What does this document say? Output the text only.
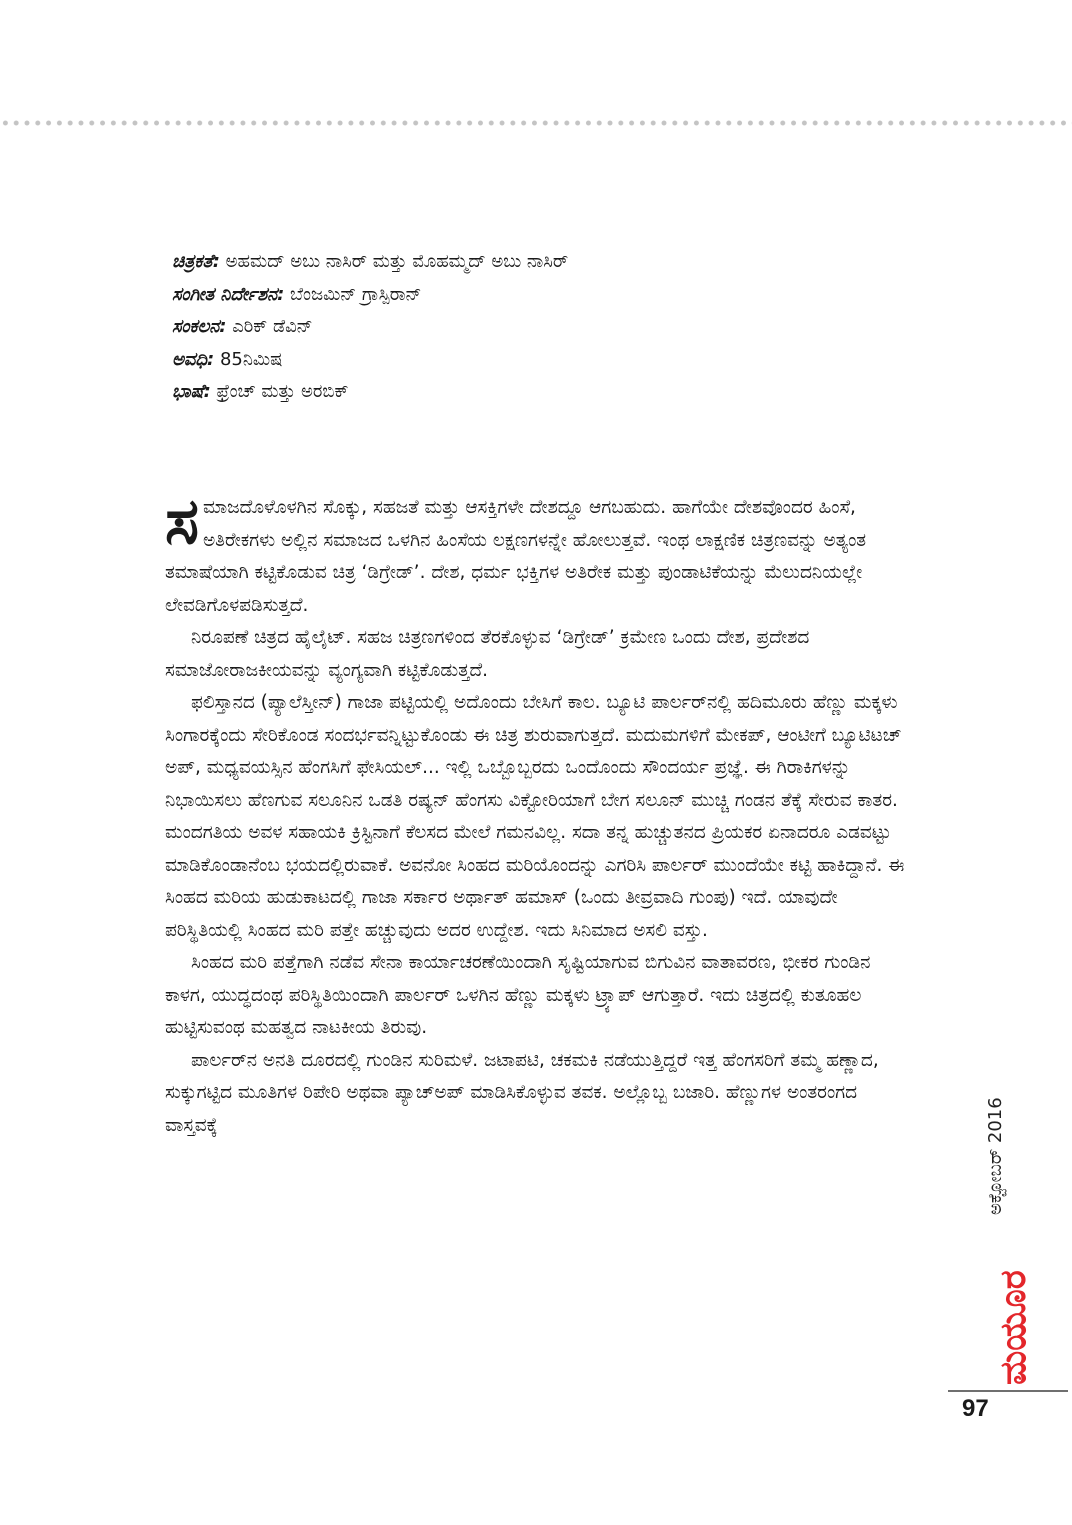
ಚಿತ್ರಕತೆ: ಅಹಮದ್ ಅಬು ನಾಸಿರ್ ಮತ್ತು ಮೊಹಮ್ಮದ್ ಅಬು ನಾಸಿರ್
ಸಂಗೀತ ನಿರ್ದೇಶನ: ಬೆಂಜಮಿನ್ ಗ್ರಾಸ್ಪಿರಾನ್
ಸಂಕಲನ: ಎರಿಕ್ ಡೆವಿನ್
ಅವಧಿ: 85ನಿಮಿಷ
ಭಾಷೆ: ಫ್ರೆಂಚ್ ಮತ್ತು ಅರಬಿಕ್

ಸಮಾಜದೊಳೊಳಗಿನ ಸೊಕ್ಕು, ಸಹಜತೆ ಮತ್ತು ಆಸಕ್ತಿಗಳೇ ದೇಶದ್ದೂ ಆಗಬಹುದು. ಹಾಗೆಯೇ ದೇಶವೊಂದರ ಹಿಂಸೆ, ಅತಿರೇಕಗಳು ಅಲ್ಲಿನ ಸಮಾಜದ ಒಳಗಿನ ಹಿಂಸೆಯ ಲಕ್ಷಣಗಳನ್ನೇ ಹೋಲುತ್ತವೆ. ಇಂಥ ಲಾಕ್ಷಣಿಕ ಚಿತ್ರಣವನ್ನು ಅತ್ಯಂತ ತಮಾಷೆಯಾಗಿ ಕಟ್ಟಿಕೊಡುವ ಚಿತ್ರ ‘ಡಿಗ್ರೇಡ್’. ದೇಶ, ಧರ್ಮ ಭಕ್ತಿಗಳ ಅತಿರೇಕ ಮತ್ತು ಪುಂಡಾಟಿಕೆಯನ್ನು ಮೆಲುದನಿಯಲ್ಲೇ ಲೇವಡಿಗೊಳಪಡಿಸುತ್ತದೆ.

ನಿರೂಪಣೆ ಚಿತ್ರದ ಹೈಲೈಟ್. ಸಹಜ ಚಿತ್ರಣಗಳಿಂದ ತೆರಕೊಳ್ಳುವ ‘ಡಿಗ್ರೇಡ್’ ಕ್ರಮೇಣ ಒಂದು ದೇಶ, ಪ್ರದೇಶದ ಸಮಾಜೋರಾಜಕೀಯವನ್ನು ವ್ಯಂಗ್ಯವಾಗಿ ಕಟ್ಟಿಕೊಡುತ್ತದೆ.

ಫಲಿಸ್ತಾನದ (ಪ್ಯಾಲೆಸ್ತೀನ್) ಗಾಜಾ ಪಟ್ಟಿಯಲ್ಲಿ ಅದೊಂದು ಬೇಸಿಗೆ ಕಾಲ. ಬ್ಯೂಟಿ ಪಾರ್ಲರ್‌ನಲ್ಲಿ ಹದಿಮೂರು ಹೆಣ್ಣು ಮಕ್ಕಳು ಸಿಂಗಾರಕ್ಕೆಂದು ಸೇರಿಕೊಂಡ ಸಂದರ್ಭವನ್ನಿಟ್ಟುಕೊಂಡು ಈ ಚಿತ್ರ ಶುರುವಾಗುತ್ತದೆ. ಮದುಮಗಳಿಗೆ ಮೇಕಪ್, ಆಂಟೀಗೆ ಬ್ಯೂಟಿಟಚ್ ಅಪ್, ಮಧ್ಯವಯಸ್ಸಿನ ಹೆಂಗಸಿಗೆ ಫೇಸಿಯಲ್... ಇಲ್ಲಿ ಒಬ್ಬೊಬ್ಬರದು ಒಂದೊಂದು ಸೌಂದರ್ಯ ಪ್ರಜ್ಞೆ. ಈ ಗಿರಾಕಿಗಳನ್ನು ನಿಭಾಯಿಸಲು ಹೆಣಗುವ ಸಲೂನಿನ ಒಡತಿ ರಷ್ಯನ್ ಹೆಂಗಸು ವಿಕ್ಟೋರಿಯಾಗೆ ಬೇಗ ಸಲೂನ್ ಮುಚ್ಚಿ ಗಂಡನ ತೆಕ್ಕೆ ಸೇರುವ ಕಾತರ. ಮಂದಗತಿಯ ಅವಳ ಸಹಾಯಕಿ ಕ್ರಿಸ್ಟಿನಾಗೆ ಕೆಲಸದ ಮೇಲೆ ಗಮನವಿಲ್ಲ. ಸದಾ ತನ್ನ ಹುಚ್ಚುತನದ ಪ್ರಿಯಕರ ಏನಾದರೂ ಎಡವಟ್ಟು ಮಾಡಿಕೊಂಡಾನೆಂಬ ಭಯದಲ್ಲಿರುವಾಕೆ. ಅವನೋ ಸಿಂಹದ ಮರಿಯೊಂದನ್ನು ಎಗರಿಸಿ ಪಾರ್ಲರ್ ಮುಂದೆಯೇ ಕಟ್ಟಿ ಹಾಕಿದ್ದಾನೆ. ಈ ಸಿಂಹದ ಮರಿಯ ಹುಡುಕಾಟದಲ್ಲಿ ಗಾಜಾ ಸರ್ಕಾರ ಅರ್ಥಾತ್ ಹಮಾಸ್ (ಒಂದು ತೀವ್ರವಾದಿ ಗುಂಪು) ಇದೆ. ಯಾವುದೇ ಪರಿಸ್ಥಿತಿಯಲ್ಲಿ ಸಿಂಹದ ಮರಿ ಪತ್ತೇ ಹಚ್ಚುವುದು ಅದರ ಉದ್ದೇಶ. ಇದು ಸಿನಿಮಾದ ಅಸಲಿ ವಸ್ತು.

ಸಿಂಹದ ಮರಿ ಪತ್ತೆಗಾಗಿ ನಡೆವ ಸೇನಾ ಕಾರ್ಯಾಚರಣೆಯಿಂದಾಗಿ ಸೃಷ್ಟಿಯಾಗುವ ಬಿಗುವಿನ ವಾತಾವರಣ, ಭೀಕರ ಗುಂಡಿನ ಕಾಳಗ, ಯುದ್ಧದಂಥ ಪರಿಸ್ಥಿತಿಯಿಂದಾಗಿ ಪಾರ್ಲರ್ ಒಳಗಿನ ಹೆಣ್ಣು ಮಕ್ಕಳು ಟ್ರ್ಯಾಪ್ ಆಗುತ್ತಾರೆ. ಇದು ಚಿತ್ರದಲ್ಲಿ ಕುತೂಹಲ ಹುಟ್ಟಿಸುವಂಥ ಮಹತ್ವದ ನಾಟಕೀಯ ತಿರುವು.

ಪಾರ್ಲರ್‌ನ ಅನತಿ ದೂರದಲ್ಲಿ ಗುಂಡಿನ ಸುರಿಮಳೆ. ಜಟಾಪಟಿ, ಚಕಮಕಿ ನಡೆಯುತ್ತಿದ್ದರೆ ಇತ್ತ ಹೆಂಗಸರಿಗೆ ತಮ್ಮ ಹಣ್ಣಾದ, ಸುಕ್ಕುಗಟ್ಟಿದ ಮೂತಿಗಳ ರಿಪೇರಿ ಅಥವಾ ಪ್ಯಾಚ್‌ಅಪ್ ಮಾಡಿಸಿಕೊಳ್ಳುವ ತವಕ. ಅಲ್ಲೊಬ್ಬ ಬಜಾರಿ. ಹೆಣ್ಣುಗಳ ಅಂತರಂಗದ ವಾಸ್ತವಕ್ಕೆ	ಅಕ್ಟೋಬರ್ 2016
ಮಯೂರ
97
